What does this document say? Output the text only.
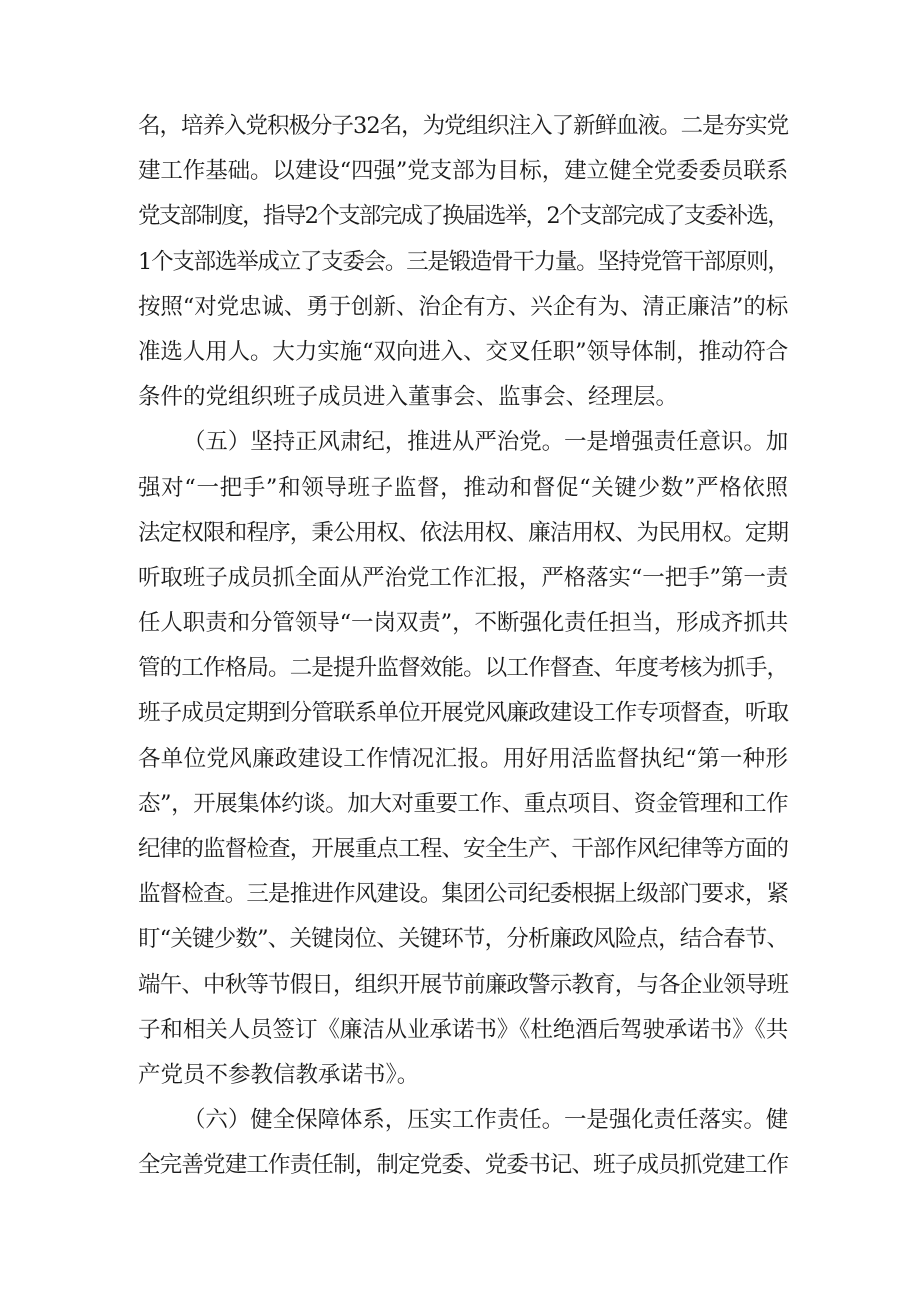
名，培养入党积极分子32名，为党组织注入了新鲜血液。二是夯实党
建工作基础。以建设“四强”党支部为目标，建立健全党委委员联系
党支部制度，指导2个支部完成了换届选举，2个支部完成了支委补选，
1个支部选举成立了支委会。三是锻造骨干力量。坚持党管干部原则，
按照“对党忠诚、勇于创新、治企有方、兴企有为、清正廉洁”的标
准选人用人。大力实施“双向进入、交叉任职”领导体制，推动符合
条件的党组织班子成员进入董事会、监事会、经理层。
（五）坚持正风肃纪，推进从严治党。一是增强责任意识。加
强对“一把手”和领导班子监督，推动和督促“关键少数”严格依照
法定权限和程序，秉公用权、依法用权、廉洁用权、为民用权。定期
听取班子成员抓全面从严治党工作汇报，严格落实“一把手”第一责
任人职责和分管领导“一岗双责”，不断强化责任担当，形成齐抓共
管的工作格局。二是提升监督效能。以工作督查、年度考核为抓手，
班子成员定期到分管联系单位开展党风廉政建设工作专项督查，听取
各单位党风廉政建设工作情况汇报。用好用活监督执纪“第一种形
态”，开展集体约谈。加大对重要工作、重点项目、资金管理和工作
纪律的监督检查，开展重点工程、安全生产、干部作风纪律等方面的
监督检查。三是推进作风建设。集团公司纪委根据上级部门要求，紧
盯“关键少数”、关键岗位、关键环节，分析廉政风险点，结合春节、
端午、中秋等节假日，组织开展节前廉政警示教育，与各企业领导班
子和相关人员签订《廉洁从业承诺书》《杜绝酒后驾驶承诺书》《共
产党员不参教信教承诺书》。
（六）健全保障体系，压实工作责任。一是强化责任落实。健
全完善党建工作责任制，制定党委、党委书记、班子成员抓党建工作
